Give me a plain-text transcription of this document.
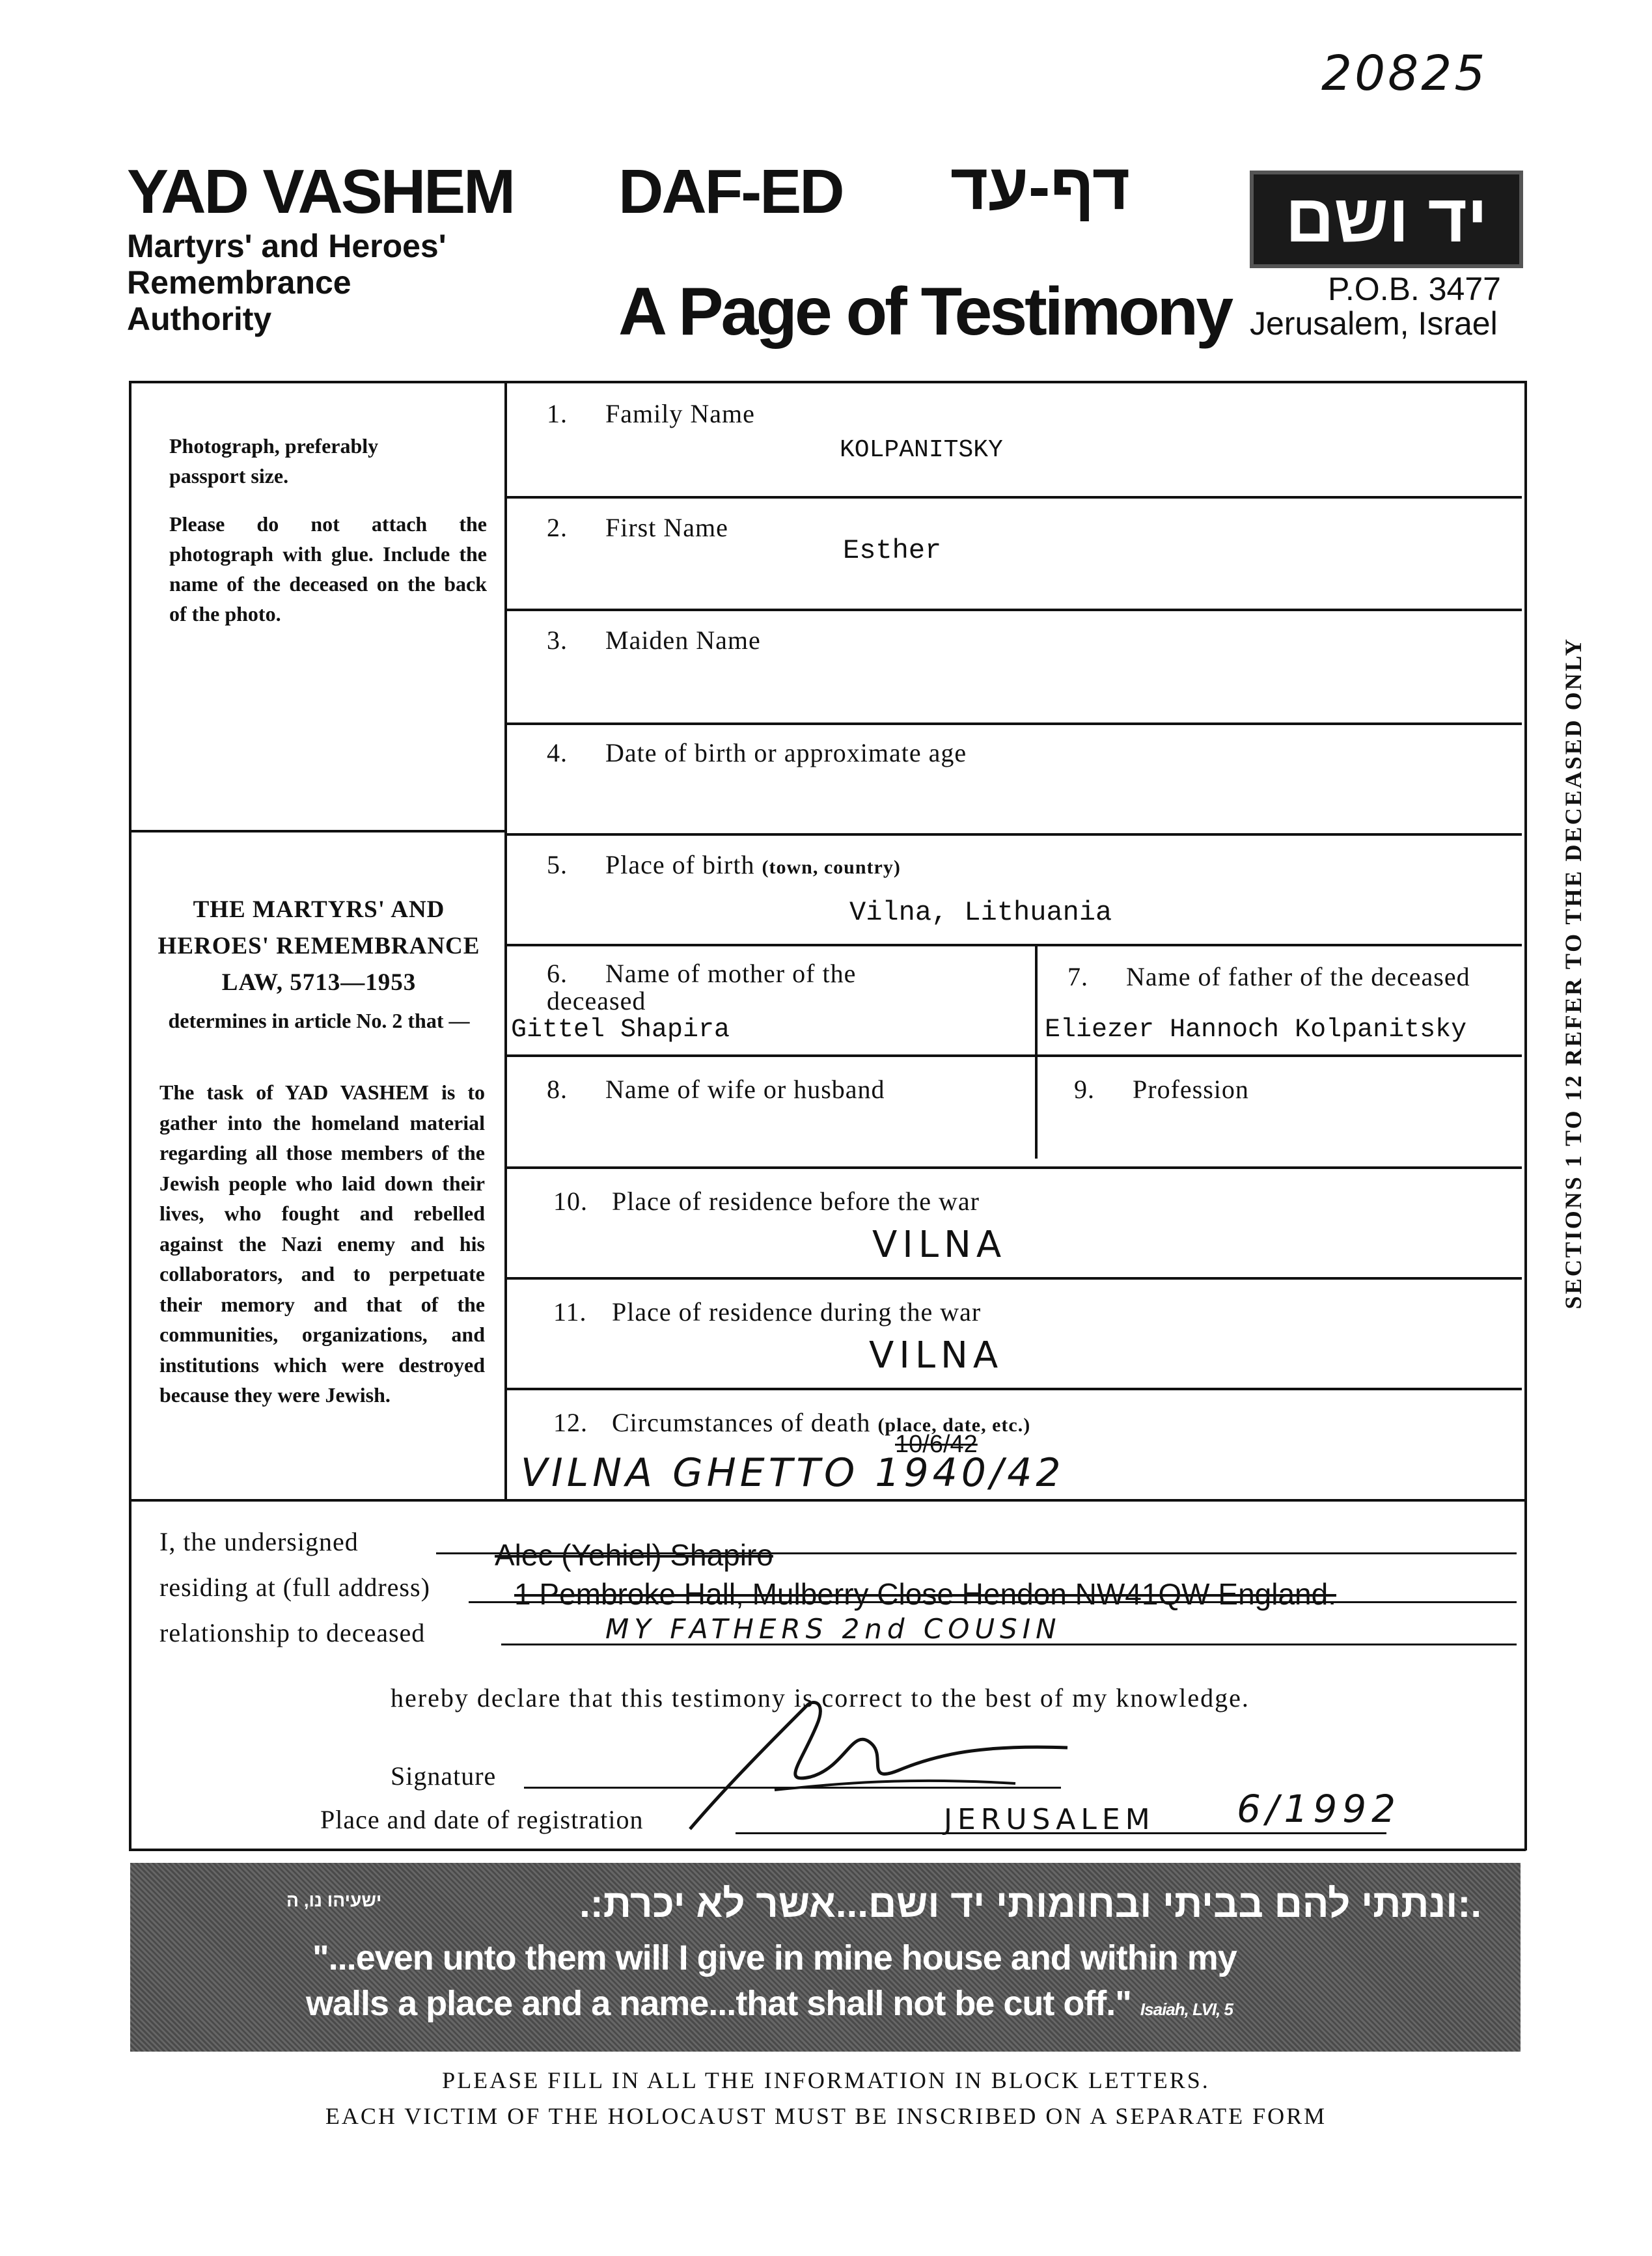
20825
YAD VASHEM
Martyrs' and Heroes'
Remembrance
Authority
DAF-ED דף-עד
A Page of Testimony
יד ושם
P.O.B. 3477
Jerusalem, Israel
Photograph, preferably passport size.
Please do not attach the photograph with glue. Include the name of the deceased on the back of the photo.
THE MARTYRS' AND HEROES' REMEMBRANCE LAW, 5713—1953
determines in article No. 2 that —
The task of YAD VASHEM is to gather into the homeland material regarding all those members of the Jewish people who laid down their lives, who fought and rebelled against the Nazi enemy and his collaborators, and to perpetuate their memory and that of the communities, organizations, and institutions which were destroyed because they were Jewish.
SECTIONS 1 TO 12 REFER TO THE DECEASED ONLY
1. Family Name
KOLPANITSKY
2. First Name
Esther
3. Maiden Name
4. Date of birth or approximate age
5. Place of birth (town, country)
Vilna, Lithuania
6. Name of mother of the deceased
Gittel Shapira
7. Name of father of the deceased
Eliezer Hannoch Kolpanitsky
8. Name of wife or husband	9. Profession
10. Place of residence before the war
VILNA
11. Place of residence during the war
VILNA
12. Circumstances of death (place, date, etc.)
10/6/42
VILNA GHETTO 1940/42
I, the undersigned	Alec (Yehiel) Shapiro
residing at (full address)	1 Pembroke Hall, Mulberry Close Hendon NW41QW England.
relationship to deceased	MY FATHERS 2nd COUSIN
hereby declare that this testimony is correct to the best of my knowledge.
Signature
Place and date of registration	JERUSALEM 6/1992
ישעיהו נו, ה	.:ונתתי להם בביתי ובחומותי יד ושם...אשר לא יכרת:.
"...even unto them will I give in mine house and within my
walls a place and a name...that shall not be cut off." Isaiah, LVI, 5
PLEASE FILL IN ALL THE INFORMATION IN BLOCK LETTERS.
EACH VICTIM OF THE HOLOCAUST MUST BE INSCRIBED ON A SEPARATE FORM
